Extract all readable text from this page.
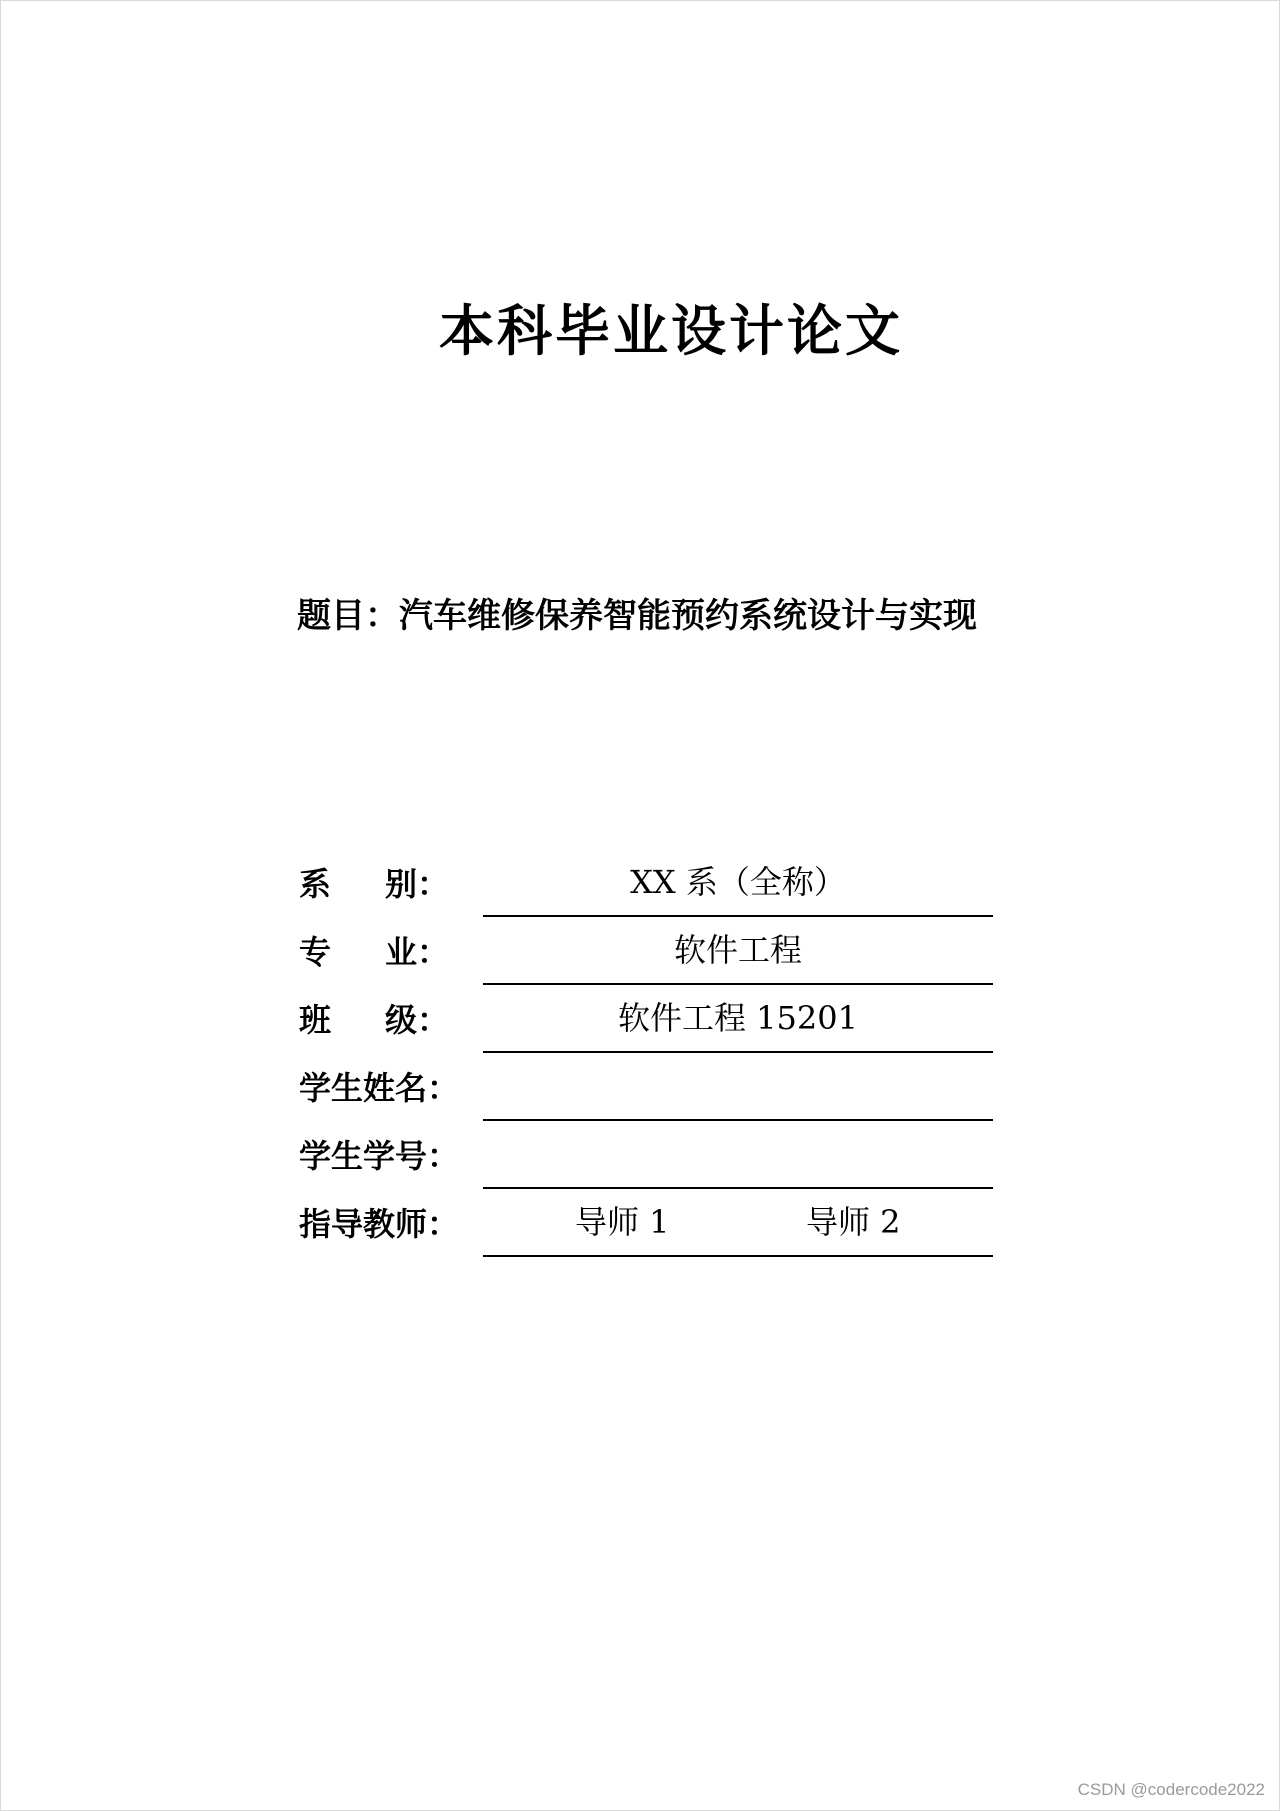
本科毕业设计论文
题目：汽车维修保养智能预约系统设计与实现
系 别：	XX 系（全称）
专 业：	软件工程
班 级：	软件工程 15201
学生姓名：
学生学号：
指导教师：	导师 1	导师 2
CSDN @codercode2022
